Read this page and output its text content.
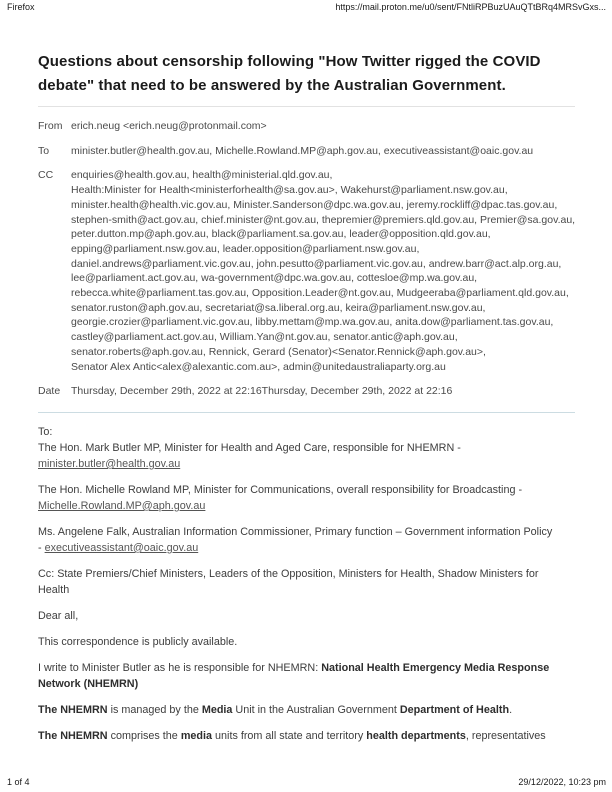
Firefox	https://mail.proton.me/u0/sent/FNtliRPBuzUAuQTtBRq4MRSvGxs...
Questions about censorship following "How Twitter rigged the COVID debate" that need to be answered by the Australian Government.
From erich.neug <erich.neug@protonmail.com>
To	minister.butler@health.gov.au, Michelle.Rowland.MP@aph.gov.au, executiveassistant@oaic.gov.au
CC	enquiries@health.gov.au, health@ministerial.qld.gov.au,
Health:Minister for Health<ministerforhealth@sa.gov.au>, Wakehurst@parliament.nsw.gov.au,
minister.health@health.vic.gov.au, Minister.Sanderson@dpc.wa.gov.au, jeremy.rockliff@dpac.tas.gov.au,
stephen-smith@act.gov.au, chief.minister@nt.gov.au, thepremier@premiers.qld.gov.au, Premier@sa.gov.au,
peter.dutton.mp@aph.gov.au, black@parliament.sa.gov.au, leader@opposition.qld.gov.au,
epping@parliament.nsw.gov.au, leader.opposition@parliament.nsw.gov.au,
daniel.andrews@parliament.vic.gov.au, john.pesutto@parliament.vic.gov.au, andrew.barr@act.alp.org.au,
lee@parliament.act.gov.au, wa-government@dpc.wa.gov.au, cottesloe@mp.wa.gov.au,
rebecca.white@parliament.tas.gov.au, Opposition.Leader@nt.gov.au, Mudgeeraba@parliament.qld.gov.au,
senator.ruston@aph.gov.au, secretariat@sa.liberal.org.au, keira@parliament.nsw.gov.au,
georgie.crozier@parliament.vic.gov.au, libby.mettam@mp.wa.gov.au, anita.dow@parliament.tas.gov.au,
castley@parliament.act.gov.au, William.Yan@nt.gov.au, senator.antic@aph.gov.au,
senator.roberts@aph.gov.au, Rennick, Gerard (Senator)<Senator.Rennick@aph.gov.au>,
Senator Alex Antic<alex@alexantic.com.au>, admin@unitedaustraliaparty.org.au
Date	Thursday, December 29th, 2022 at 22:16Thursday, December 29th, 2022 at 22:16

To:
The Hon. Mark Butler MP, Minister for Health and Aged Care, responsible for NHEMRN -
minister.butler@health.gov.au

The Hon. Michelle Rowland MP, Minister for Communications, overall responsibility for Broadcasting -
Michelle.Rowland.MP@aph.gov.au

Ms. Angelene Falk, Australian Information Commissioner, Primary function – Government information Policy
- executiveassistant@oaic.gov.au

Cc: State Premiers/Chief Ministers, Leaders of the Opposition, Ministers for Health, Shadow Ministers for
Health

Dear all,

This correspondence is publicly available.

I write to Minister Butler as he is responsible for NHEMRN: National Health Emergency Media Response
Network (NHEMRN)

The NHEMRN is managed by the Media Unit in the Australian Government Department of Health.

The NHEMRN comprises the media units from all state and territory health departments, representatives

1 of 4	29/12/2022, 10:23 pm
